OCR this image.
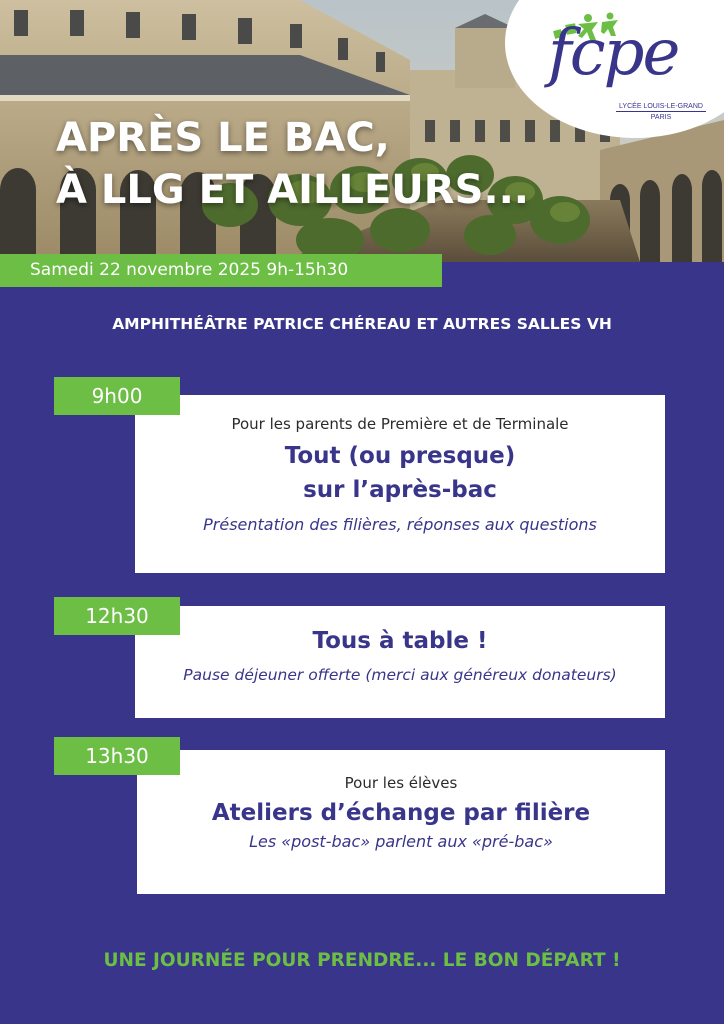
APRÈS LE BAC,
À LLG ET AILLEURS...
fcpe
LYCÉE LOUIS-LE-GRAND
PARIS
Samedi 22 novembre 2025 9h-15h30
AMPHITHÉÂTRE PATRICE CHÉREAU ET AUTRES SALLES VH
Pour les parents de Première et de Terminale
Tout (ou presque)
sur l’après-bac
Présentation des filières, réponses aux questions
9h00
Tous à table !
Pause déjeuner offerte (merci aux généreux donateurs)
12h30
Pour les élèves
Ateliers d’échange par filière
Les «post-bac» parlent aux «pré-bac»
13h30
UNE JOURNÉE POUR PRENDRE... LE BON DÉPART !
